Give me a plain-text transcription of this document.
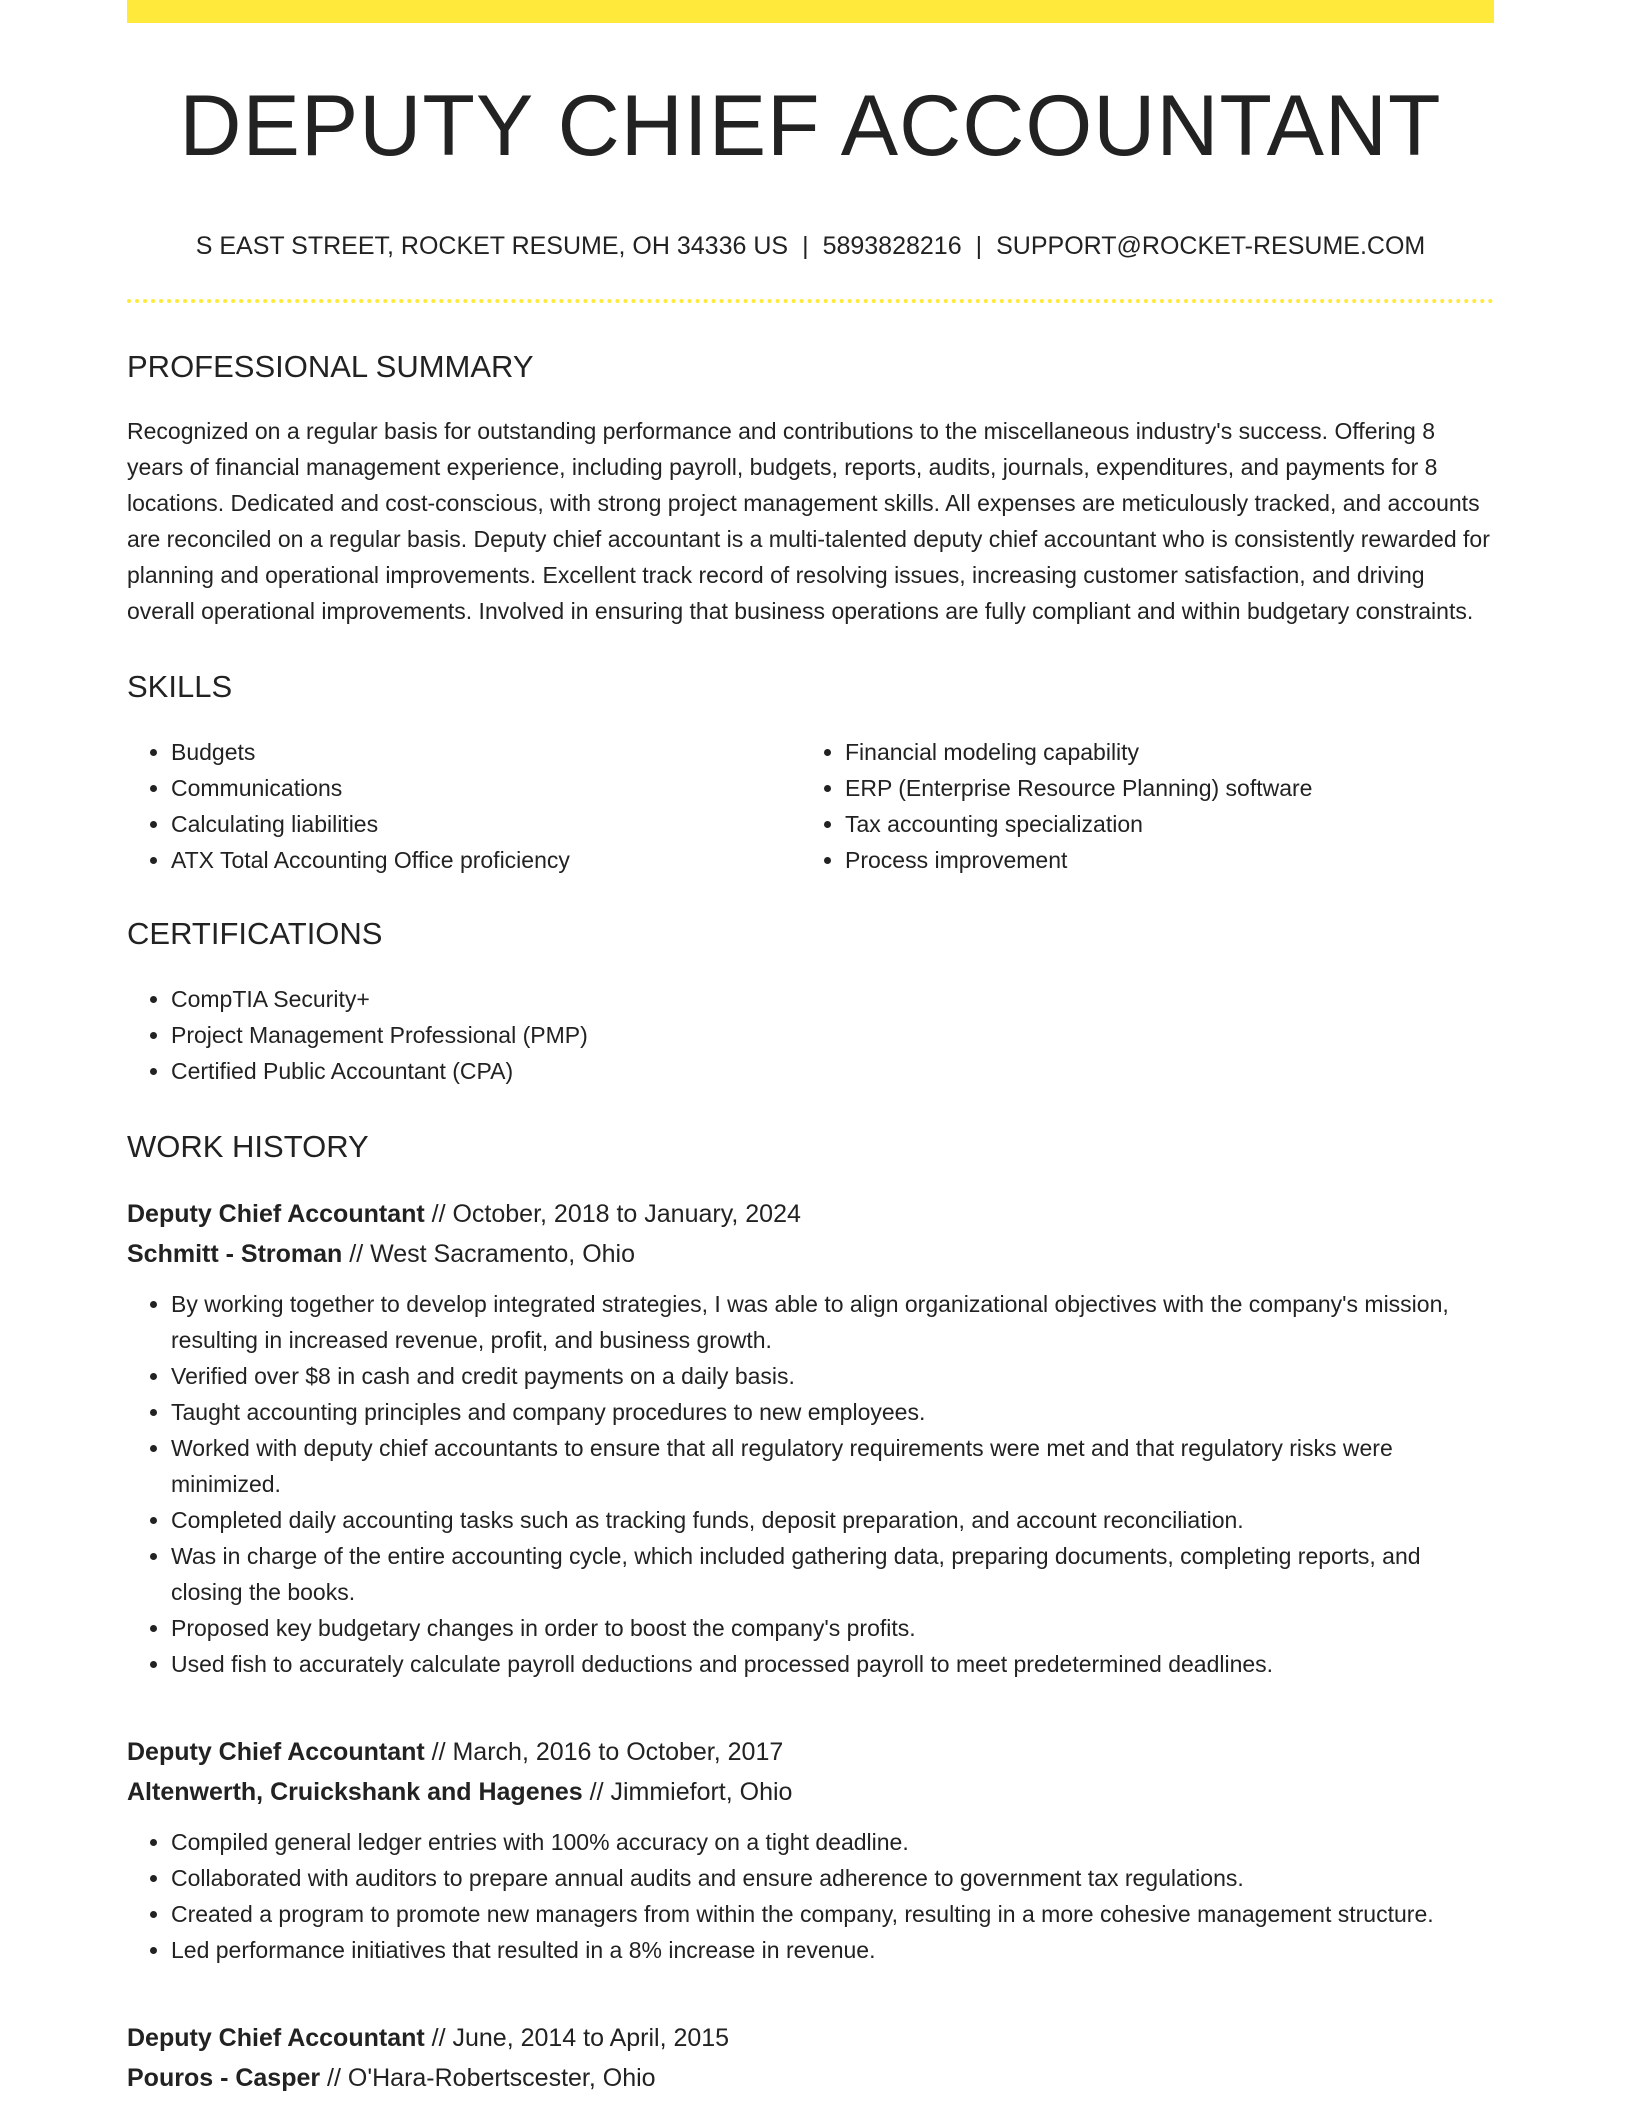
DEPUTY CHIEF ACCOUNTANT
S EAST STREET, ROCKET RESUME, OH 34336 US | 5893828216 | SUPPORT@ROCKET-RESUME.COM
PROFESSIONAL SUMMARY

Recognized on a regular basis for outstanding performance and contributions to the miscellaneous industry's success. Offering 8 years of financial management experience, including payroll, budgets, reports, audits, journals, expenditures, and payments for 8 locations. Dedicated and cost-conscious, with strong project management skills. All expenses are meticulously tracked, and accounts are reconciled on a regular basis. Deputy chief accountant is a multi-talented deputy chief accountant who is consistently rewarded for planning and operational improvements. Excellent track record of resolving issues, increasing customer satisfaction, and driving overall operational improvements. Involved in ensuring that business operations are fully compliant and within budgetary constraints.

SKILLS
• Budgets
• Communications
• Calculating liabilities
• ATX Total Accounting Office proficiency
• Financial modeling capability
• ERP (Enterprise Resource Planning) software
• Tax accounting specialization
• Process improvement
CERTIFICATIONS
• CompTIA Security+
• Project Management Professional (PMP)
• Certified Public Accountant (CPA)
WORK HISTORY
Deputy Chief Accountant // October, 2018 to January, 2024
Schmitt - Stroman // West Sacramento, Ohio
• By working together to develop integrated strategies, I was able to align organizational objectives with the company's mission, resulting in increased revenue, profit, and business growth.
• Verified over $8 in cash and credit payments on a daily basis.
• Taught accounting principles and company procedures to new employees.
• Worked with deputy chief accountants to ensure that all regulatory requirements were met and that regulatory risks were minimized.
• Completed daily accounting tasks such as tracking funds, deposit preparation, and account reconciliation.
• Was in charge of the entire accounting cycle, which included gathering data, preparing documents, completing reports, and closing the books.
• Proposed key budgetary changes in order to boost the company's profits.
• Used fish to accurately calculate payroll deductions and processed payroll to meet predetermined deadlines.
Deputy Chief Accountant // March, 2016 to October, 2017
Altenwerth, Cruickshank and Hagenes // Jimmiefort, Ohio
• Compiled general ledger entries with 100% accuracy on a tight deadline.
• Collaborated with auditors to prepare annual audits and ensure adherence to government tax regulations.
• Created a program to promote new managers from within the company, resulting in a more cohesive management structure.
• Led performance initiatives that resulted in a 8% increase in revenue.
Deputy Chief Accountant // June, 2014 to April, 2015
Pouros - Casper // O'Hara-Robertscester, Ohio
